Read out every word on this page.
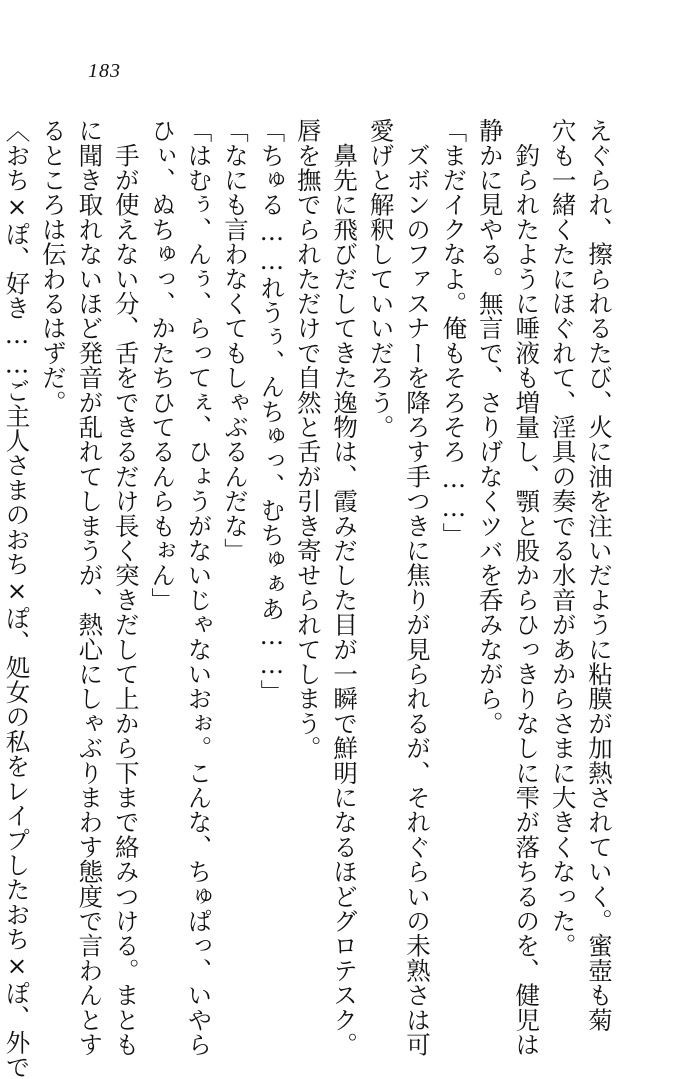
183
えぐられ、擦られるたび、火に油を注いだように粘膜が加熱されていく。蜜壺も菊
穴も一緒くたにほぐれて、淫具の奏でる水音があからさまに大きくなった。
　釣られたように唾液も増量し、顎と股からひっきりなしに雫が落ちるのを、健児は
静かに見やる。無言で、さりげなくツバを呑みながら。
「まだイクなよ。俺もそろそろ……」
　ズボンのファスナーを降ろす手つきに焦りが見られるが、それぐらいの未熟さは可
愛げと解釈していいだろう。
　鼻先に飛びだしてきた逸物は、霞みだした目が一瞬で鮮明になるほどグロテスク。
唇を撫でられただけで自然と舌が引き寄せられてしまう。
「ちゅる……れうぅ、んちゅっ、むちゅぁあ……」
「なにも言わなくてもしゃぶるんだな」
「はむぅ、んぅ、らってぇ、ひょうがないじゃないおぉ。こんな、ちゅぱっ、いやら
ひぃ、ぬちゅっ、かたちひてるんらもぉん」
　手が使えない分、舌をできるだけ長く突きだして上から下まで絡みつける。まとも
に聞き取れないほど発音が乱れてしまうが、熱心にしゃぶりまわす態度で言わんとす
るところは伝わるはずだ。
〈おち×ぽ、好き……ご主人さまのおち×ぽ、処女の私をレイプしたおち×ぽ、外で
